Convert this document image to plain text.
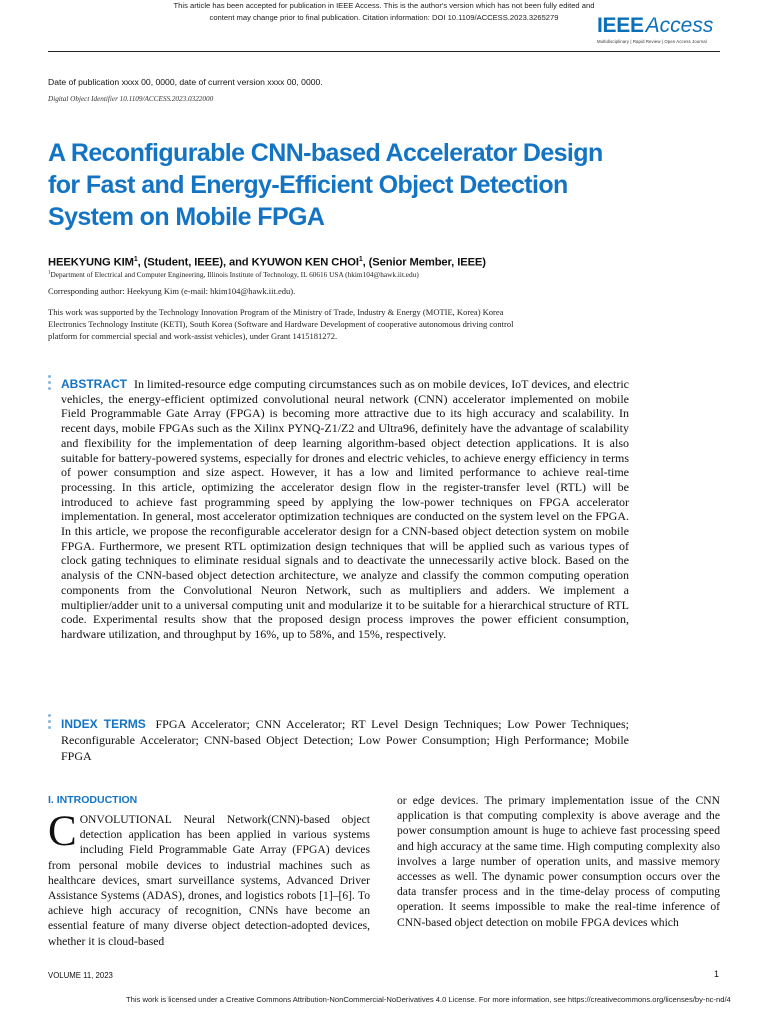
This article has been accepted for publication in IEEE Access. This is the author's version which has not been fully edited and
content may change prior to final publication. Citation information: DOI 10.1109/ACCESS.2023.3265279	IEEEAccess
Multidisciplinary | Rapid Review | Open Access Journal
Date of publication xxxx 00, 0000, date of current version xxxx 00, 0000.
Digital Object Identifier 10.1109/ACCESS.2023.0322000
A Reconfigurable CNN-based Accelerator Design
for Fast and Energy-Efficient Object Detection
System on Mobile FPGA
HEEKYUNG KIM$^1$, (Student, IEEE), and KYUWON KEN CHOI$^1$, (Senior Member, IEEE)
$^1$Department of Electrical and Computer Engineering, Illinois Institute of Technology, IL 60616 USA (hkim104@hawk.iit.edu)
Corresponding author: Heekyung Kim (e-mail: hkim104@hawk.iit.edu).
This work was supported by the Technology Innovation Program of the Ministry of Trade, Industry & Energy (MOTIE, Korea) Korea
Electronics Technology Institute (KETI), South Korea (Software and Hardware Development of cooperative autonomous driving control
platform for commercial special and work-assist vehicles), under Grant 1415181272.
ABSTRACT In limited-resource edge computing circumstances such as on mobile devices, IoT devices, and electric vehicles, the energy-efficient optimized convolutional neural network (CNN) accelerator implemented on mobile Field Programmable Gate Array (FPGA) is becoming more attractive due to its high accuracy and scalability. In recent days, mobile FPGAs such as the Xilinx PYNQ-Z1/Z2 and Ultra96, definitely have the advantage of scalability and flexibility for the implementation of deep learning algorithm-based object detection applications. It is also suitable for battery-powered systems, especially for drones and electric vehicles, to achieve energy efficiency in terms of power consumption and size aspect. However, it has a low and limited performance to achieve real-time processing. In this article, optimizing the accelerator design flow in the register-transfer level (RTL) will be introduced to achieve fast programming speed by applying the low-power techniques on FPGA accelerator implementation. In general, most accelerator optimization techniques are conducted on the system level on the FPGA. In this article, we propose the reconfigurable accelerator design for a CNN-based object detection system on mobile FPGA. Furthermore, we present RTL optimization design techniques that will be applied such as various types of clock gating techniques to eliminate residual signals and to deactivate the unnecessarily active block. Based on the analysis of the CNN-based object detection architecture, we analyze and classify the common computing operation components from the Convolutional Neuron Network, such as multipliers and adders. We implement a multiplier/adder unit to a universal computing unit and modularize it to be suitable for a hierarchical structure of RTL code. Experimental results show that the proposed design process improves the power efficient consumption, hardware utilization, and throughput by 16%, up to 58%, and 15%, respectively.
INDEX TERMS FPGA Accelerator; CNN Accelerator; RT Level Design Techniques; Low Power Techniques; Reconfigurable Accelerator; CNN-based Object Detection; Low Power Consumption; High Performance; Mobile FPGA
I. INTRODUCTION
CONVOLUTIONAL Neural Network(CNN)-based object detection application has been applied in various systems including Field Programmable Gate Array (FPGA) devices from personal mobile devices to industrial machines such as healthcare devices, smart surveillance systems, Advanced Driver Assistance Systems (ADAS), drones, and logistics robots [1]–[6]. To achieve high accuracy of recognition, CNNs have become an essential feature of many diverse object detection-adopted devices, whether it is cloud-based
or edge devices. The primary implementation issue of the CNN application is that computing complexity is above average and the power consumption amount is huge to achieve fast processing speed and high accuracy at the same time. High computing complexity also involves a large number of operation units, and massive memory accesses as well. The dynamic power consumption occurs over the data transfer process and in the time-delay process of computing operation. It seems impossible to make the real-time inference of CNN-based object detection on mobile FPGA devices which
VOLUME 11, 2023	1
This work is licensed under a Creative Commons Attribution-NonCommercial-NoDerivatives 4.0 License. For more information, see https://creativecommons.org/licenses/by-nc-nd/4
